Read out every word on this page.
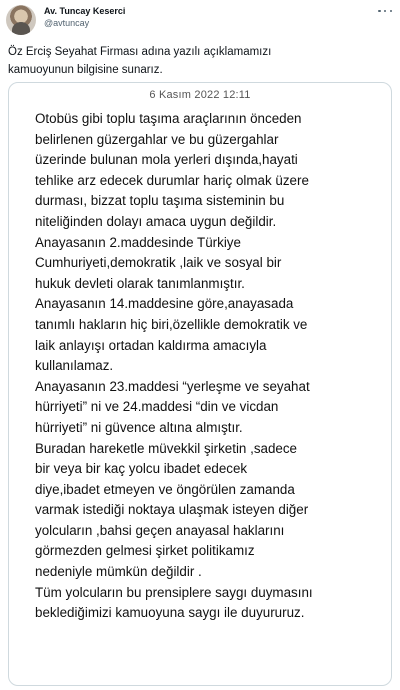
Av. Tuncay Keserci
@avtuncay
Öz Erciş Seyahat Firması adına yazılı açıklamamızı
kamuoyunun bilgisine sunarız.
6 Kasım 2022 12:11
Otobüs gibi toplu taşıma araçlarının önceden
belirlenen güzergahlar ve bu güzergahlar
üzerinde bulunan mola yerleri dışında,hayati
tehlike arz edecek durumlar hariç olmak üzere
durması, bizzat toplu taşıma sisteminin bu
niteliğinden dolayı amaca uygun değildir.
Anayasanın 2.maddesinde Türkiye
Cumhuriyeti,demokratik ,laik ve sosyal bir
hukuk devleti olarak tanımlanmıştır.
Anayasanın 14.maddesine göre,anayasada
tanımlı hakların hiç biri,özellikle demokratik ve
laik anlayışı ortadan kaldırma amacıyla
kullanılamaz.
Anayasanın 23.maddesi “yerleşme ve seyahat
hürriyeti” ni ve 24.maddesi “din ve vicdan
hürriyeti” ni güvence altına almıştır.
Buradan hareketle müvekkil şirketin ,sadece
bir veya bir kaç yolcu ibadet edecek
diye,ibadet etmeyen ve öngörülen zamanda
varmak istediği noktaya ulaşmak isteyen diğer
yolcuların ,bahsi geçen anayasal haklarını
görmezden gelmesi şirket politikamız
nedeniyle mümkün değildir .
Tüm yolcuların bu prensiplere saygı duymasını
beklediğimizi kamuoyuna saygı ile duyururuz.
